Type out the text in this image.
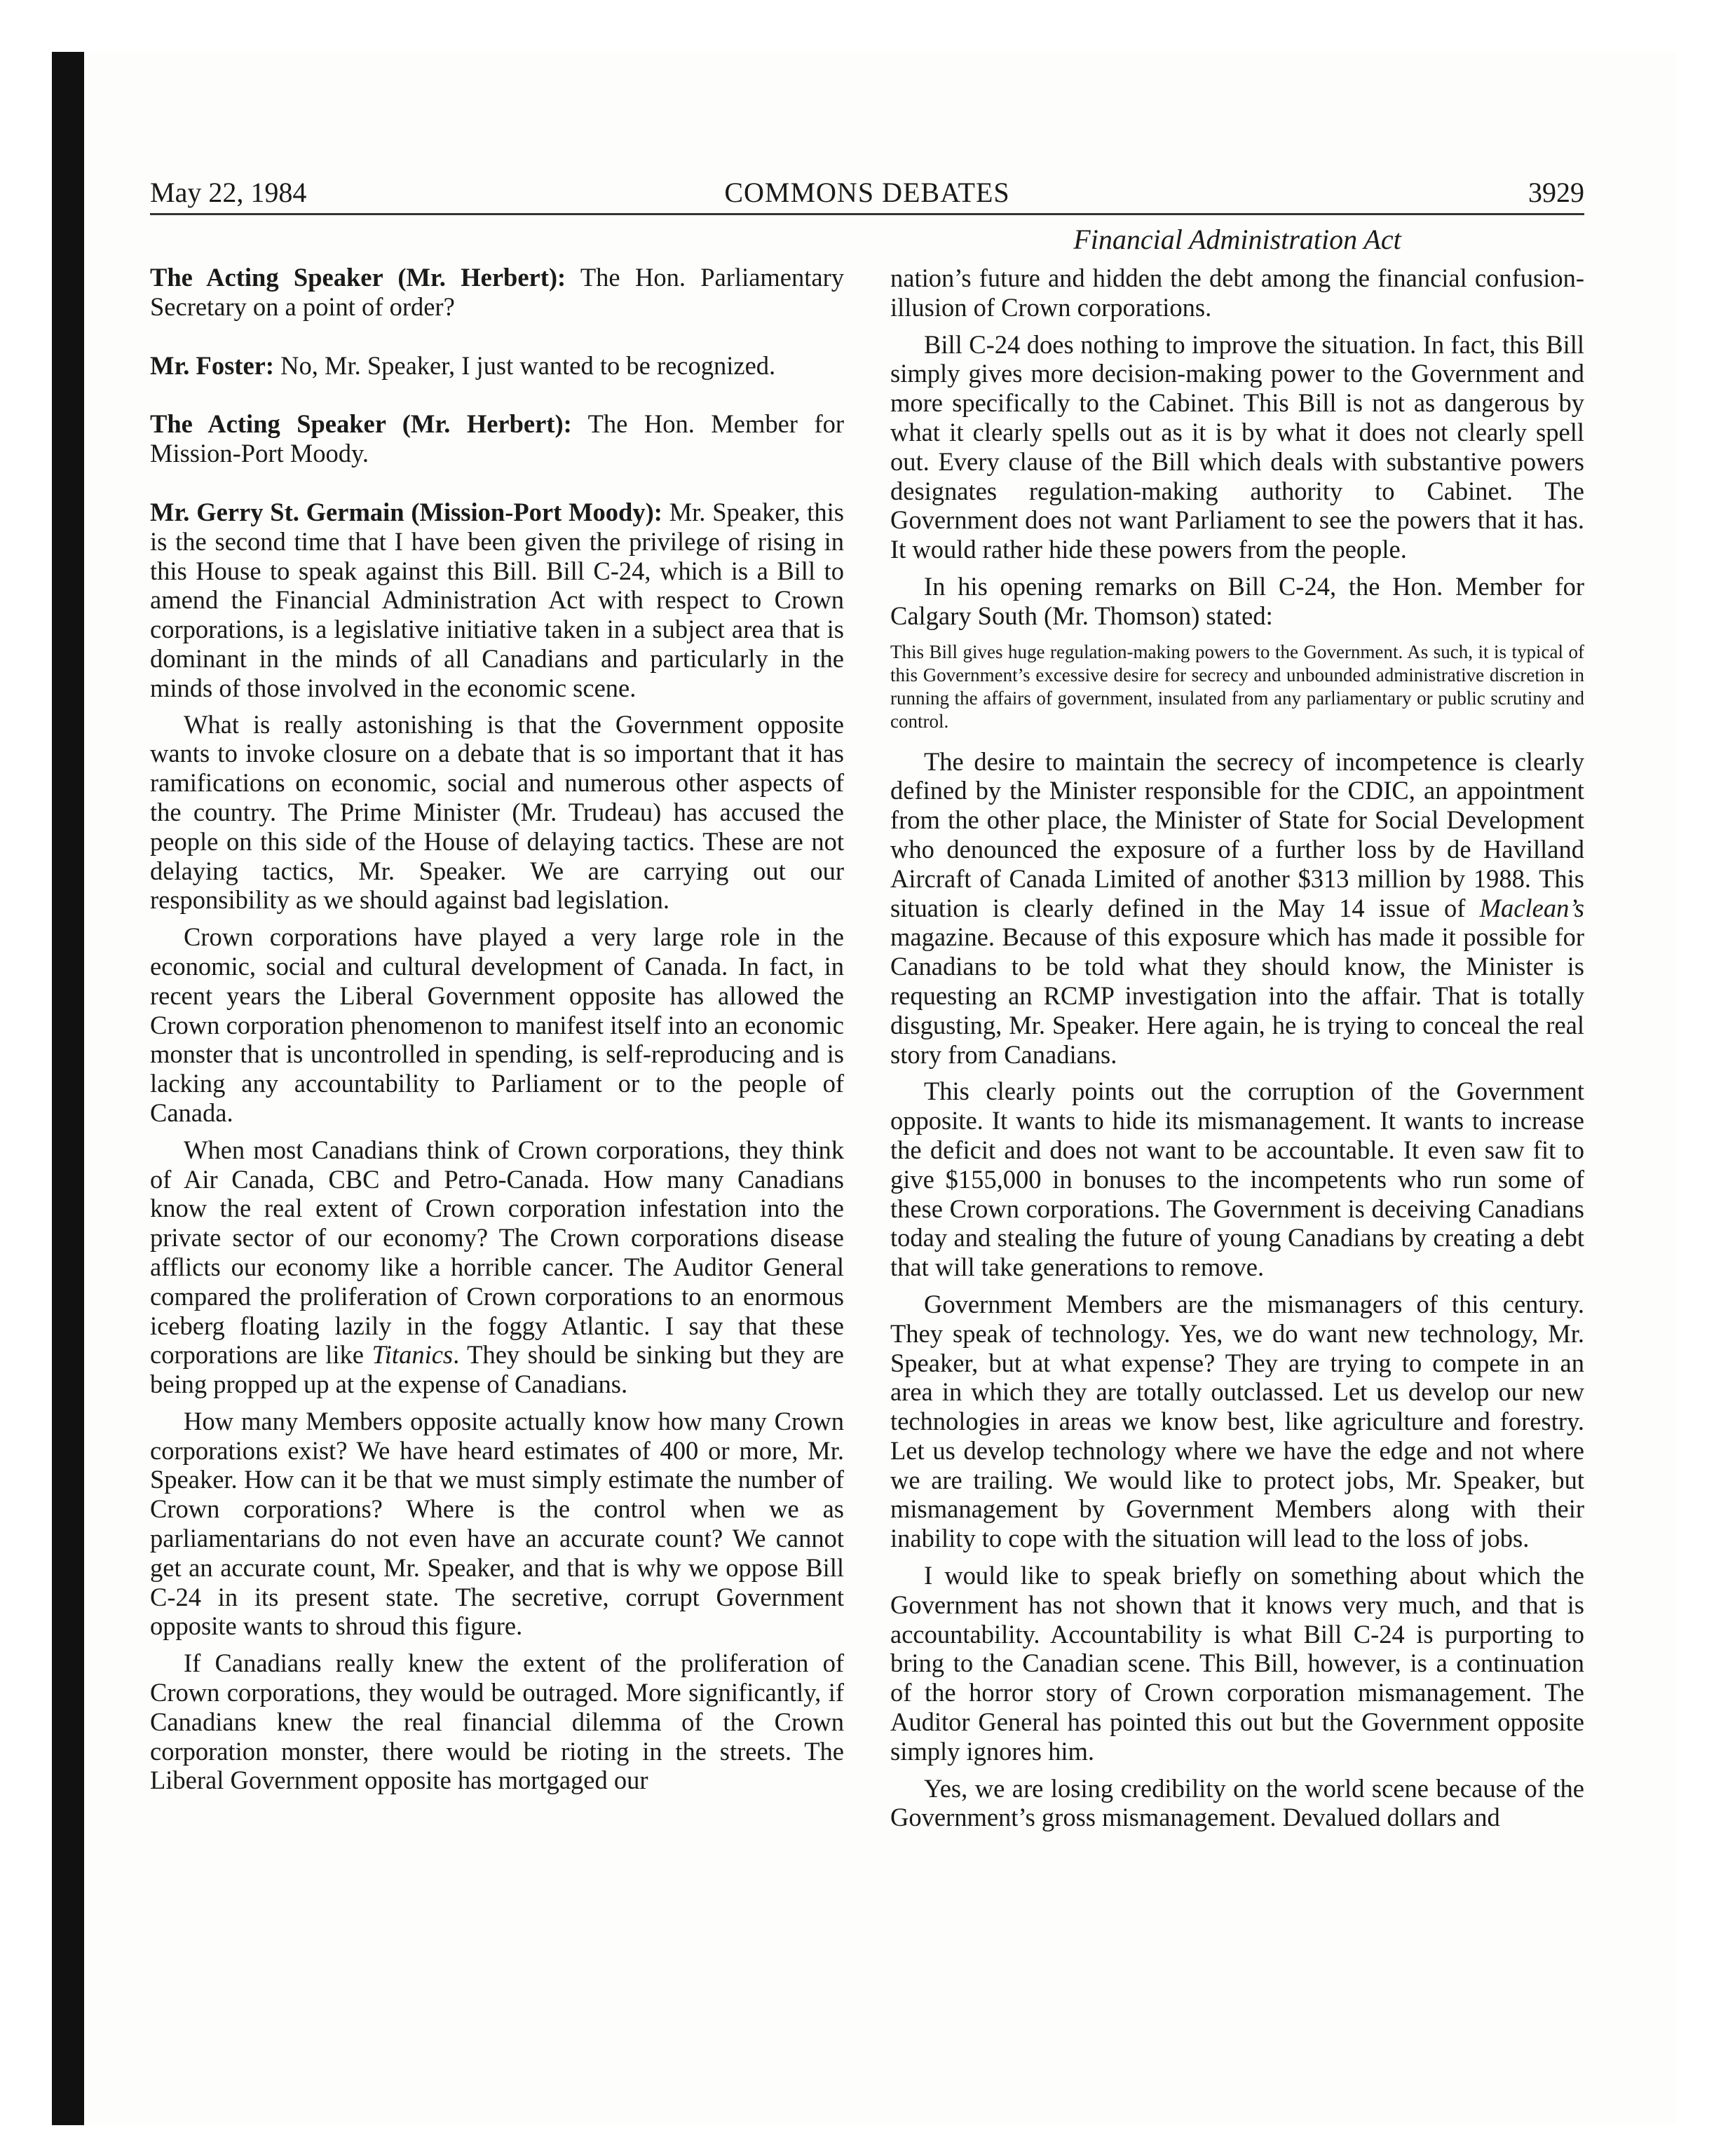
May 22, 1984	COMMONS DEBATES	3929
Financial Administration Act

The Acting Speaker (Mr. Herbert): The Hon. Parliamentary Secretary on a point of order?

Mr. Foster: No, Mr. Speaker, I just wanted to be recognized.

The Acting Speaker (Mr. Herbert): The Hon. Member for Mission-Port Moody.

Mr. Gerry St. Germain (Mission-Port Moody): Mr. Speaker, this is the second time that I have been given the privilege of rising in this House to speak against this Bill. Bill C-24, which is a Bill to amend the Financial Administration Act with respect to Crown corporations, is a legislative initiative taken in a subject area that is dominant in the minds of all Canadians and particularly in the minds of those involved in the economic scene.

What is really astonishing is that the Government opposite wants to invoke closure on a debate that is so important that it has ramifications on economic, social and numerous other aspects of the country. The Prime Minister (Mr. Trudeau) has accused the people on this side of the House of delaying tactics. These are not delaying tactics, Mr. Speaker. We are carrying out our responsibility as we should against bad legislation.

Crown corporations have played a very large role in the economic, social and cultural development of Canada. In fact, in recent years the Liberal Government opposite has allowed the Crown corporation phenomenon to manifest itself into an economic monster that is uncontrolled in spending, is self-reproducing and is lacking any accountability to Parliament or to the people of Canada.

When most Canadians think of Crown corporations, they think of Air Canada, CBC and Petro-Canada. How many Canadians know the real extent of Crown corporation infestation into the private sector of our economy? The Crown corporations disease afflicts our economy like a horrible cancer. The Auditor General compared the proliferation of Crown corporations to an enormous iceberg floating lazily in the foggy Atlantic. I say that these corporations are like Titanics. They should be sinking but they are being propped up at the expense of Canadians.

How many Members opposite actually know how many Crown corporations exist? We have heard estimates of 400 or more, Mr. Speaker. How can it be that we must simply estimate the number of Crown corporations? Where is the control when we as parliamentarians do not even have an accurate count? We cannot get an accurate count, Mr. Speaker, and that is why we oppose Bill C-24 in its present state. The secretive, corrupt Government opposite wants to shroud this figure.

If Canadians really knew the extent of the proliferation of Crown corporations, they would be outraged. More significantly, if Canadians knew the real financial dilemma of the Crown corporation monster, there would be rioting in the streets. The Liberal Government opposite has mortgaged our

nation’s future and hidden the debt among the financial confusion-illusion of Crown corporations.

Bill C-24 does nothing to improve the situation. In fact, this Bill simply gives more decision-making power to the Government and more specifically to the Cabinet. This Bill is not as dangerous by what it clearly spells out as it is by what it does not clearly spell out. Every clause of the Bill which deals with substantive powers designates regulation-making authority to Cabinet. The Government does not want Parliament to see the powers that it has. It would rather hide these powers from the people.

In his opening remarks on Bill C-24, the Hon. Member for Calgary South (Mr. Thomson) stated:

This Bill gives huge regulation-making powers to the Government. As such, it is typical of this Government’s excessive desire for secrecy and unbounded administrative discretion in running the affairs of government, insulated from any parliamentary or public scrutiny and control.

The desire to maintain the secrecy of incompetence is clearly defined by the Minister responsible for the CDIC, an appointment from the other place, the Minister of State for Social Development who denounced the exposure of a further loss by de Havilland Aircraft of Canada Limited of another $313 million by 1988. This situation is clearly defined in the May 14 issue of Maclean’s magazine. Because of this exposure which has made it possible for Canadians to be told what they should know, the Minister is requesting an RCMP investigation into the affair. That is totally disgusting, Mr. Speaker. Here again, he is trying to conceal the real story from Canadians.

This clearly points out the corruption of the Government opposite. It wants to hide its mismanagement. It wants to increase the deficit and does not want to be accountable. It even saw fit to give $155,000 in bonuses to the incompetents who run some of these Crown corporations. The Government is deceiving Canadians today and stealing the future of young Canadians by creating a debt that will take generations to remove.

Government Members are the mismanagers of this century. They speak of technology. Yes, we do want new technology, Mr. Speaker, but at what expense? They are trying to compete in an area in which they are totally outclassed. Let us develop our new technologies in areas we know best, like agriculture and forestry. Let us develop technology where we have the edge and not where we are trailing. We would like to protect jobs, Mr. Speaker, but mismanagement by Government Members along with their inability to cope with the situation will lead to the loss of jobs.

I would like to speak briefly on something about which the Government has not shown that it knows very much, and that is accountability. Accountability is what Bill C-24 is purporting to bring to the Canadian scene. This Bill, however, is a continuation of the horror story of Crown corporation mismanagement. The Auditor General has pointed this out but the Government opposite simply ignores him.

Yes, we are losing credibility on the world scene because of the Government’s gross mismanagement. Devalued dollars and
